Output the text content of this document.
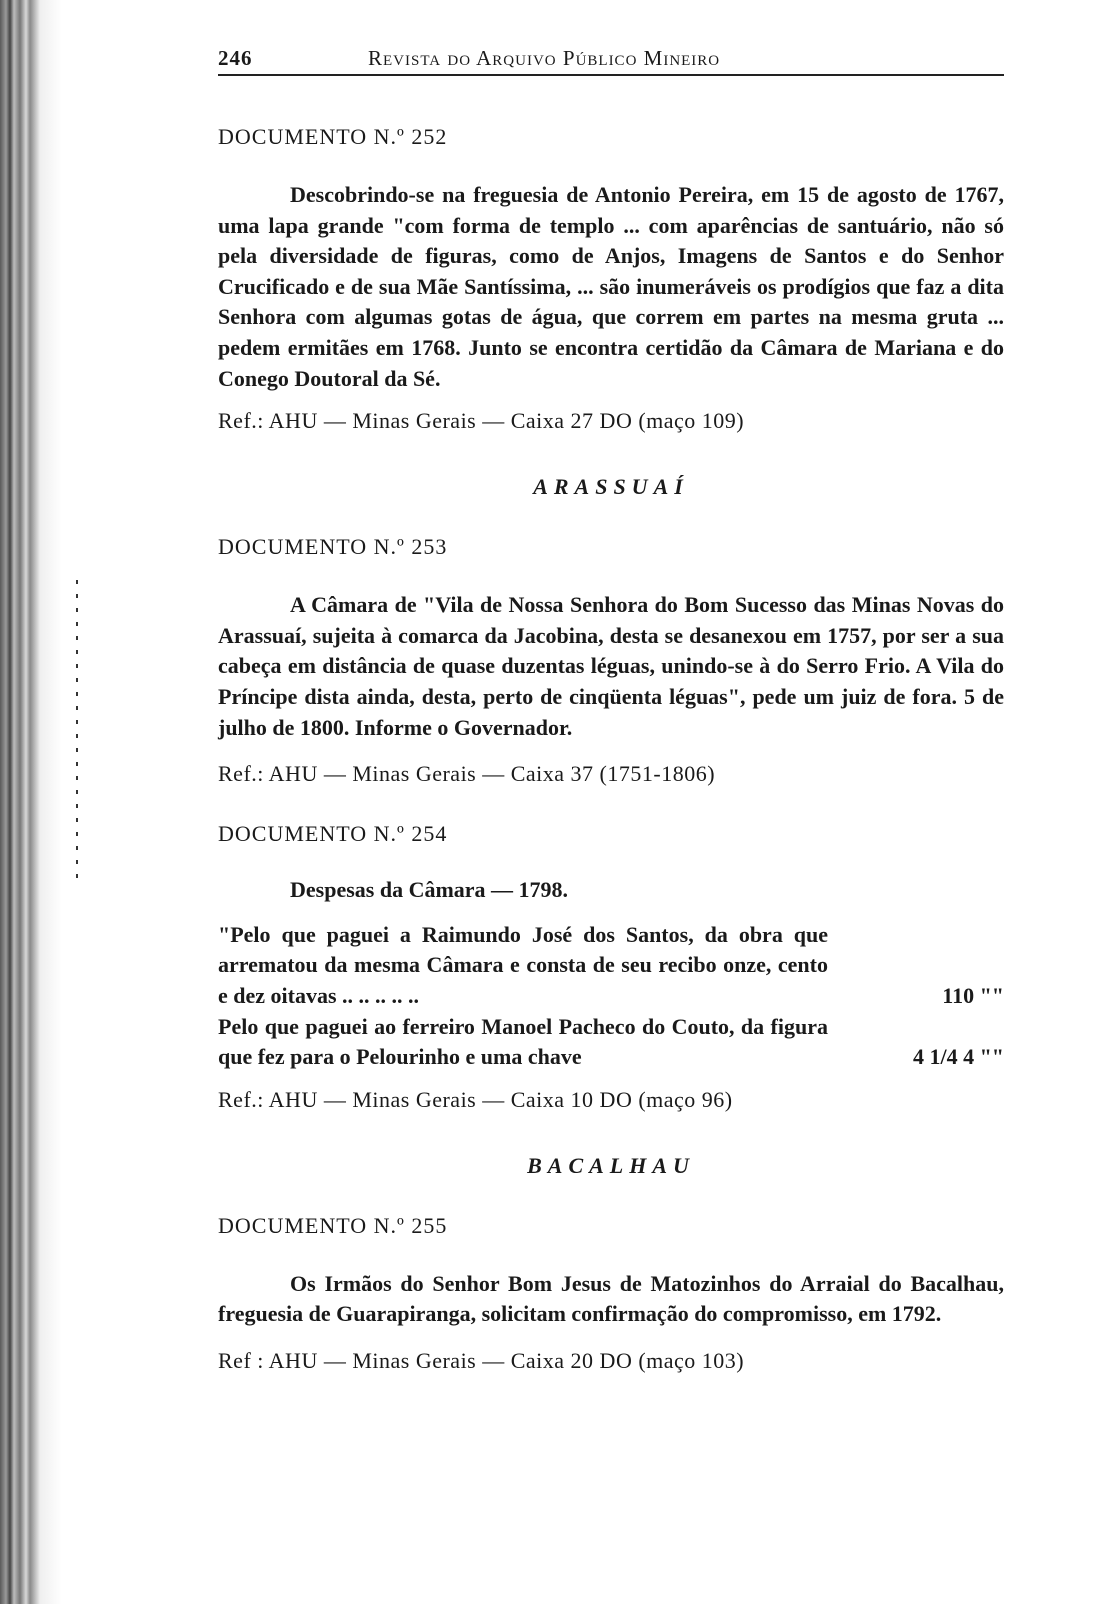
246	Revista do Arquivo Público Mineiro

DOCUMENTO N.º 252

Descobrindo-se na freguesia de Antonio Pereira, em 15 de agosto de 1767, uma lapa grande "com forma de templo ... com aparências de santuário, não só pela diversidade de figuras, como de Anjos, Imagens de Santos e do Senhor Crucificado e de sua Mãe Santíssima, ... são inumeráveis os prodígios que faz a dita Senhora com algumas gotas de água, que correm em partes na mesma gruta ... pedem ermitães em 1768. Junto se encontra certidão da Câmara de Mariana e do Conego Doutoral da Sé.

Ref.: AHU — Minas Gerais — Caixa 27 DO (maço 109)

ARASSUAÍ

DOCUMENTO N.º 253

A Câmara de "Vila de Nossa Senhora do Bom Sucesso das Minas Novas do Arassuaí, sujeita à comarca da Jacobina, desta se desanexou em 1757, por ser a sua cabeça em distância de quase duzentas léguas, unindo-se à do Serro Frio. A Vila do Príncipe dista ainda, desta, perto de cinqüenta léguas", pede um juiz de fora. 5 de julho de 1800. Informe o Governador.

Ref.: AHU — Minas Gerais — Caixa 37 (1751-1806)

DOCUMENTO N.º 254

Despesas da Câmara — 1798.

"Pelo que paguei a Raimundo José dos Santos, da obra que arrematou da mesma Câmara e consta de seu recibo onze, cento e dez oitavas .. .. .. .. ..	110 ""
Pelo que paguei ao ferreiro Manoel Pacheco do Couto, da figura que fez para o Pelourinho e uma chave	4 1/4 4 ""

Ref.: AHU — Minas Gerais — Caixa 10 DO (maço 96)

BACALHAU

DOCUMENTO N.º 255

Os Irmãos do Senhor Bom Jesus de Matozinhos do Arraial do Bacalhau, freguesia de Guarapiranga, solicitam confirmação do compromisso, em 1792.

Ref : AHU — Minas Gerais — Caixa 20 DO (maço 103)
